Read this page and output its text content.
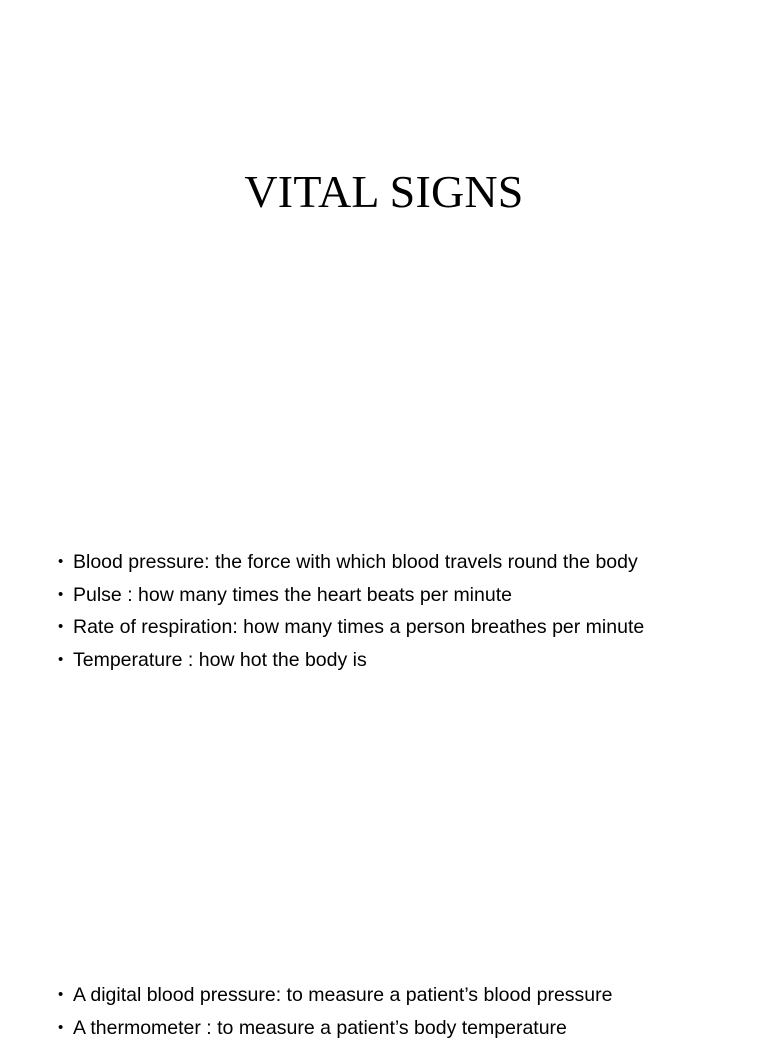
VITAL SIGNS
• Blood pressure: the force with which blood travels round the body
• Pulse : how many times the heart beats per minute
• Rate of respiration: how many times a person breathes per minute
• Temperature : how hot the body is
• A digital blood pressure: to measure a patient’s blood pressure
• A thermometer : to measure a patient’s body temperature
